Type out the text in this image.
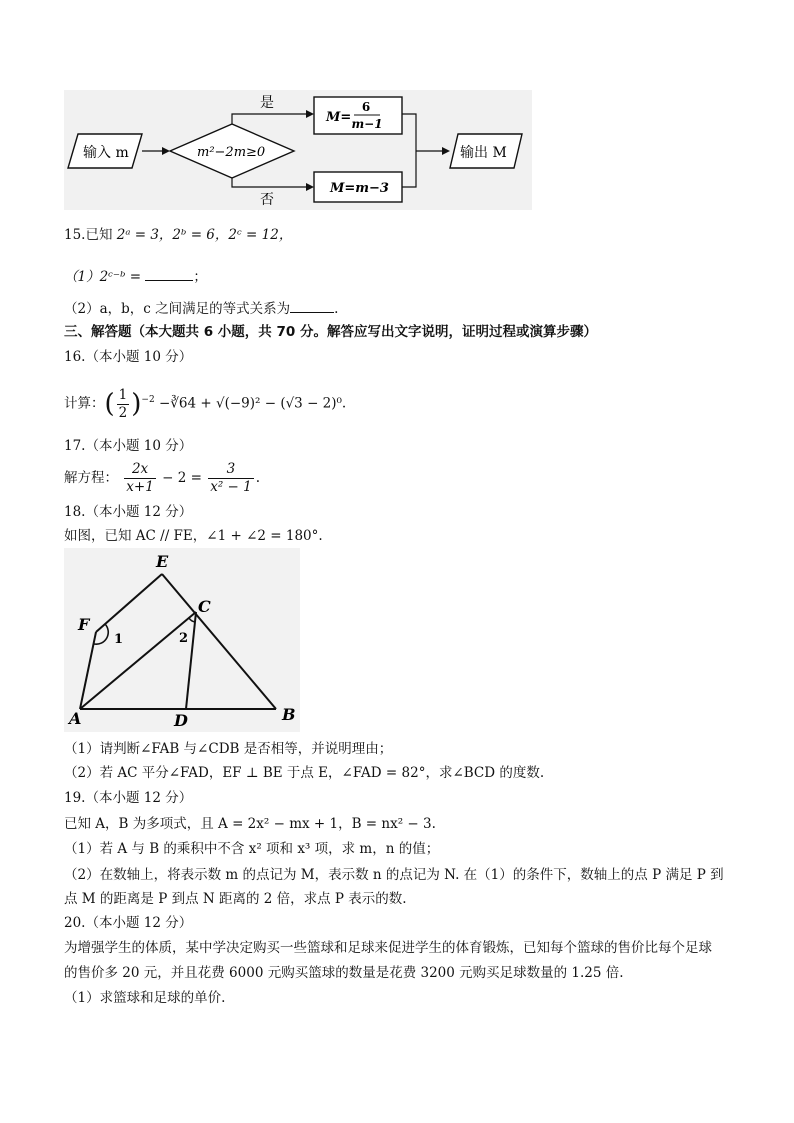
输入 m	m²−2m≥0
是
否
M=
6
m−1
M=m−3
输出 M
15.已知 2ᵃ = 3，2ᵇ = 6，2ᶜ = 12，
（1）2ᶜ⁻ᵇ =	；
（2）a，b，c 之间满足的等式关系为	.
三、解答题（本大题共 6 小题，共 70 分。解答应写出文字说明，证明过程或演算步骤）
16.（本小题 10 分）
计算：( $\frac{1}{2} )^{-2}$ −∛64 + √(−9)² − (√3 − 2)⁰.
17.（本小题 10 分）
解方程： $\frac{2x}{x+1} - 2 = \frac{3}{\text{x² − 1}}$ .
18.（本小题 12 分）
如图，已知 AC // FE，∠1 + ∠2 = 180°.
E
F
C
A	D	B
1	2
（1）请判断∠FAB 与∠CDB 是否相等，并说明理由；
（2）若 AC 平分∠FAD，EF ⊥ BE 于点 E，∠FAD = 82°，求∠BCD 的度数.
19.（本小题 12 分）
已知 A，B 为多项式，且 A = 2x² − mx + 1，B = nx² − 3.
（1）若 A 与 B 的乘积中不含 x² 项和 x³ 项，求 m，n 的值；
（2）在数轴上，将表示数 m 的点记为 M，表示数 n 的点记为 N. 在（1）的条件下，数轴上的点 P 满足 P 到
点 M 的距离是 P 到点 N 距离的 2 倍，求点 P 表示的数.
20.（本小题 12 分）
为增强学生的体质，某中学决定购买一些篮球和足球来促进学生的体育锻炼，已知每个篮球的售价比每个足球
的售价多 20 元，并且花费 6000 元购买篮球的数量是花费 3200 元购买足球数量的 1.25 倍.
（1）求篮球和足球的单价.
